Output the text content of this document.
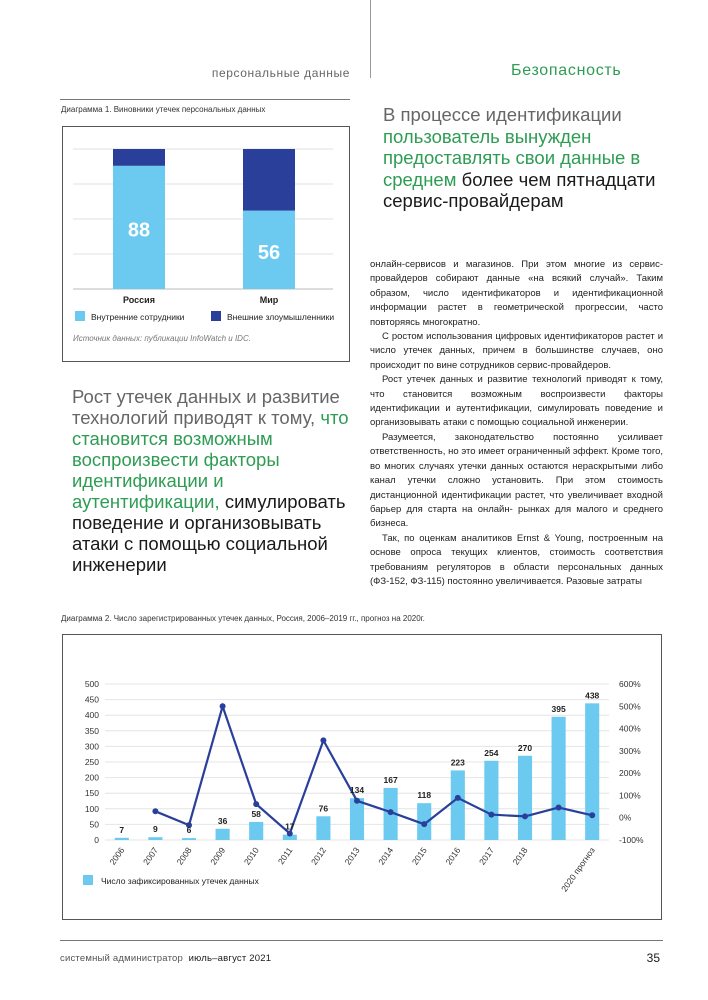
персональные данные	Безопасность
Диаграмма 1. Виновники утечек персональных данных
88
Россия
56
Мир
Внутренние сотрудники	Внешние злоумышленники
Источник данных: публикации InfoWatch и IDC.
В процессе идентификации пользователь вынужден предоставлять свои данные в среднем более чем пятнадцати сервис-провайдерам
Рост утечек данных и развитие технологий приводят к тому, что становится возможным воспроизвести факторы идентификации и аутентификации, симулировать поведение и организовывать атаки с помощью социальной инженерии

онлайн-сервисов и магазинов. При этом многие из сервис-провайдеров собирают данные «на всякий случай». Таким образом, число идентификаторов и идентификационной информации растет в геометрической прогрессии, часто повторяясь многократно.

С ростом использования цифровых идентификаторов растет и число утечек данных, причем в большинстве случаев, оно происходит по вине сотрудников сервис-провайдеров.

Рост утечек данных и развитие технологий приводят к тому, что становится возможным воспроизвести факторы идентификации и аутентификации, симулировать поведение и организовывать атаки с помощью социальной инженерии.

Разумеется, законодательство постоянно усиливает ответственность, но это имеет ограниченный эффект. Кроме того, во многих случаях утечки данных остаются нераскрытыми либо канал утечки сложно установить. При этом стоимость дистанционной идентификации растет, что увеличивает входной барьер для старта на онлайн- рынках для малого и среднего бизнеса.

Так, по оценкам аналитиков Ernst & Young, построенным на основе опроса текущих клиентов, стоимость соответствия требованиям регуляторов в области персональных данных (ФЗ-152, ФЗ-115) постоянно увеличивается. Разовые затраты

Диаграмма 2. Число зарегистрированных утечек данных, Россия, 2006–2019 гг., прогноз на 2020г.
0
50
100
150
200
250
300
350
400
450
500
-100%
0%
100%
200%
300%
400%
500%
600%
7	9	6
36
58
17
76
134
167
118
223
254 270
395
438
2006 2007 2008 2009 2010 2011 2012 2013 2014 2015 2016 2017 2018	2020 прогноз
Число зафиксированных утечек данных
системный администратор июль–август 2021	35
